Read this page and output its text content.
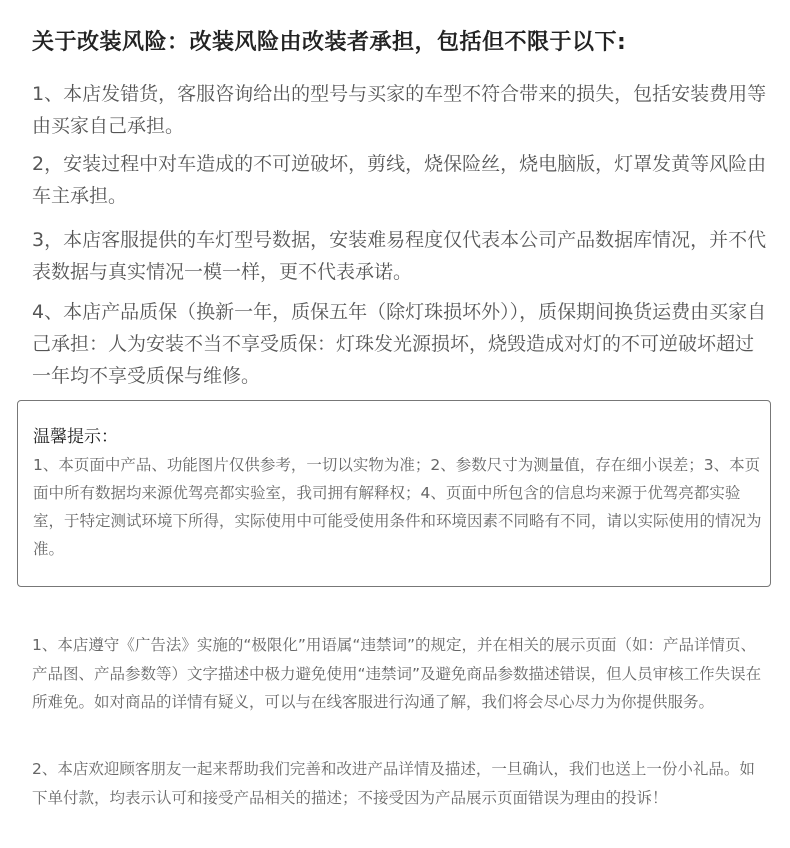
关于改装风险：改装风险由改装者承担，包括但不限于以下:

1、本店发错货，客服咨询给出的型号与买家的车型不符合带来的损失，包括安装费用等由买家自己承担。

2，安装过程中对车造成的不可逆破坏，剪线，烧保险丝，烧电脑版，灯罩发黄等风险由车主承担。

3，本店客服提供的车灯型号数据，安装难易程度仅代表本公司产品数据库情况，并不代表数据与真实情况一模一样，更不代表承诺。

4、本店产品质保（换新一年，质保五年（除灯珠损坏外）），质保期间换货运费由买家自己承担：人为安装不当不享受质保：灯珠发光源损坏，烧毁造成对灯的不可逆破坏超过一年均不享受质保与维修。

温馨提示：

1、本页面中产品、功能图片仅供参考，一切以实物为准；2、参数尺寸为测量值，存在细小误差；3、本页面中所有数据均来源优驾亮都实验室，我司拥有解释权；4、页面中所包含的信息均来源于优驾亮都实验室，于特定测试环境下所得，实际使用中可能受使用条件和环境因素不同略有不同，请以实际使用的情况为准。

1、本店遵守《广告法》实施的“极限化”用语属“违禁词”的规定，并在相关的展示页面（如：产品详情页、产品图、产品参数等）文字描述中极力避免使用“违禁词”及避免商品参数描述错误，但人员审核工作失误在所难免。如对商品的详情有疑义，可以与在线客服进行沟通了解，我们将会尽心尽力为你提供服务。

2、本店欢迎顾客朋友一起来帮助我们完善和改进产品详情及描述，一旦确认，我们也送上一份小礼品。如下单付款，均表示认可和接受产品相关的描述；不接受因为产品展示页面错误为理由的投诉！
